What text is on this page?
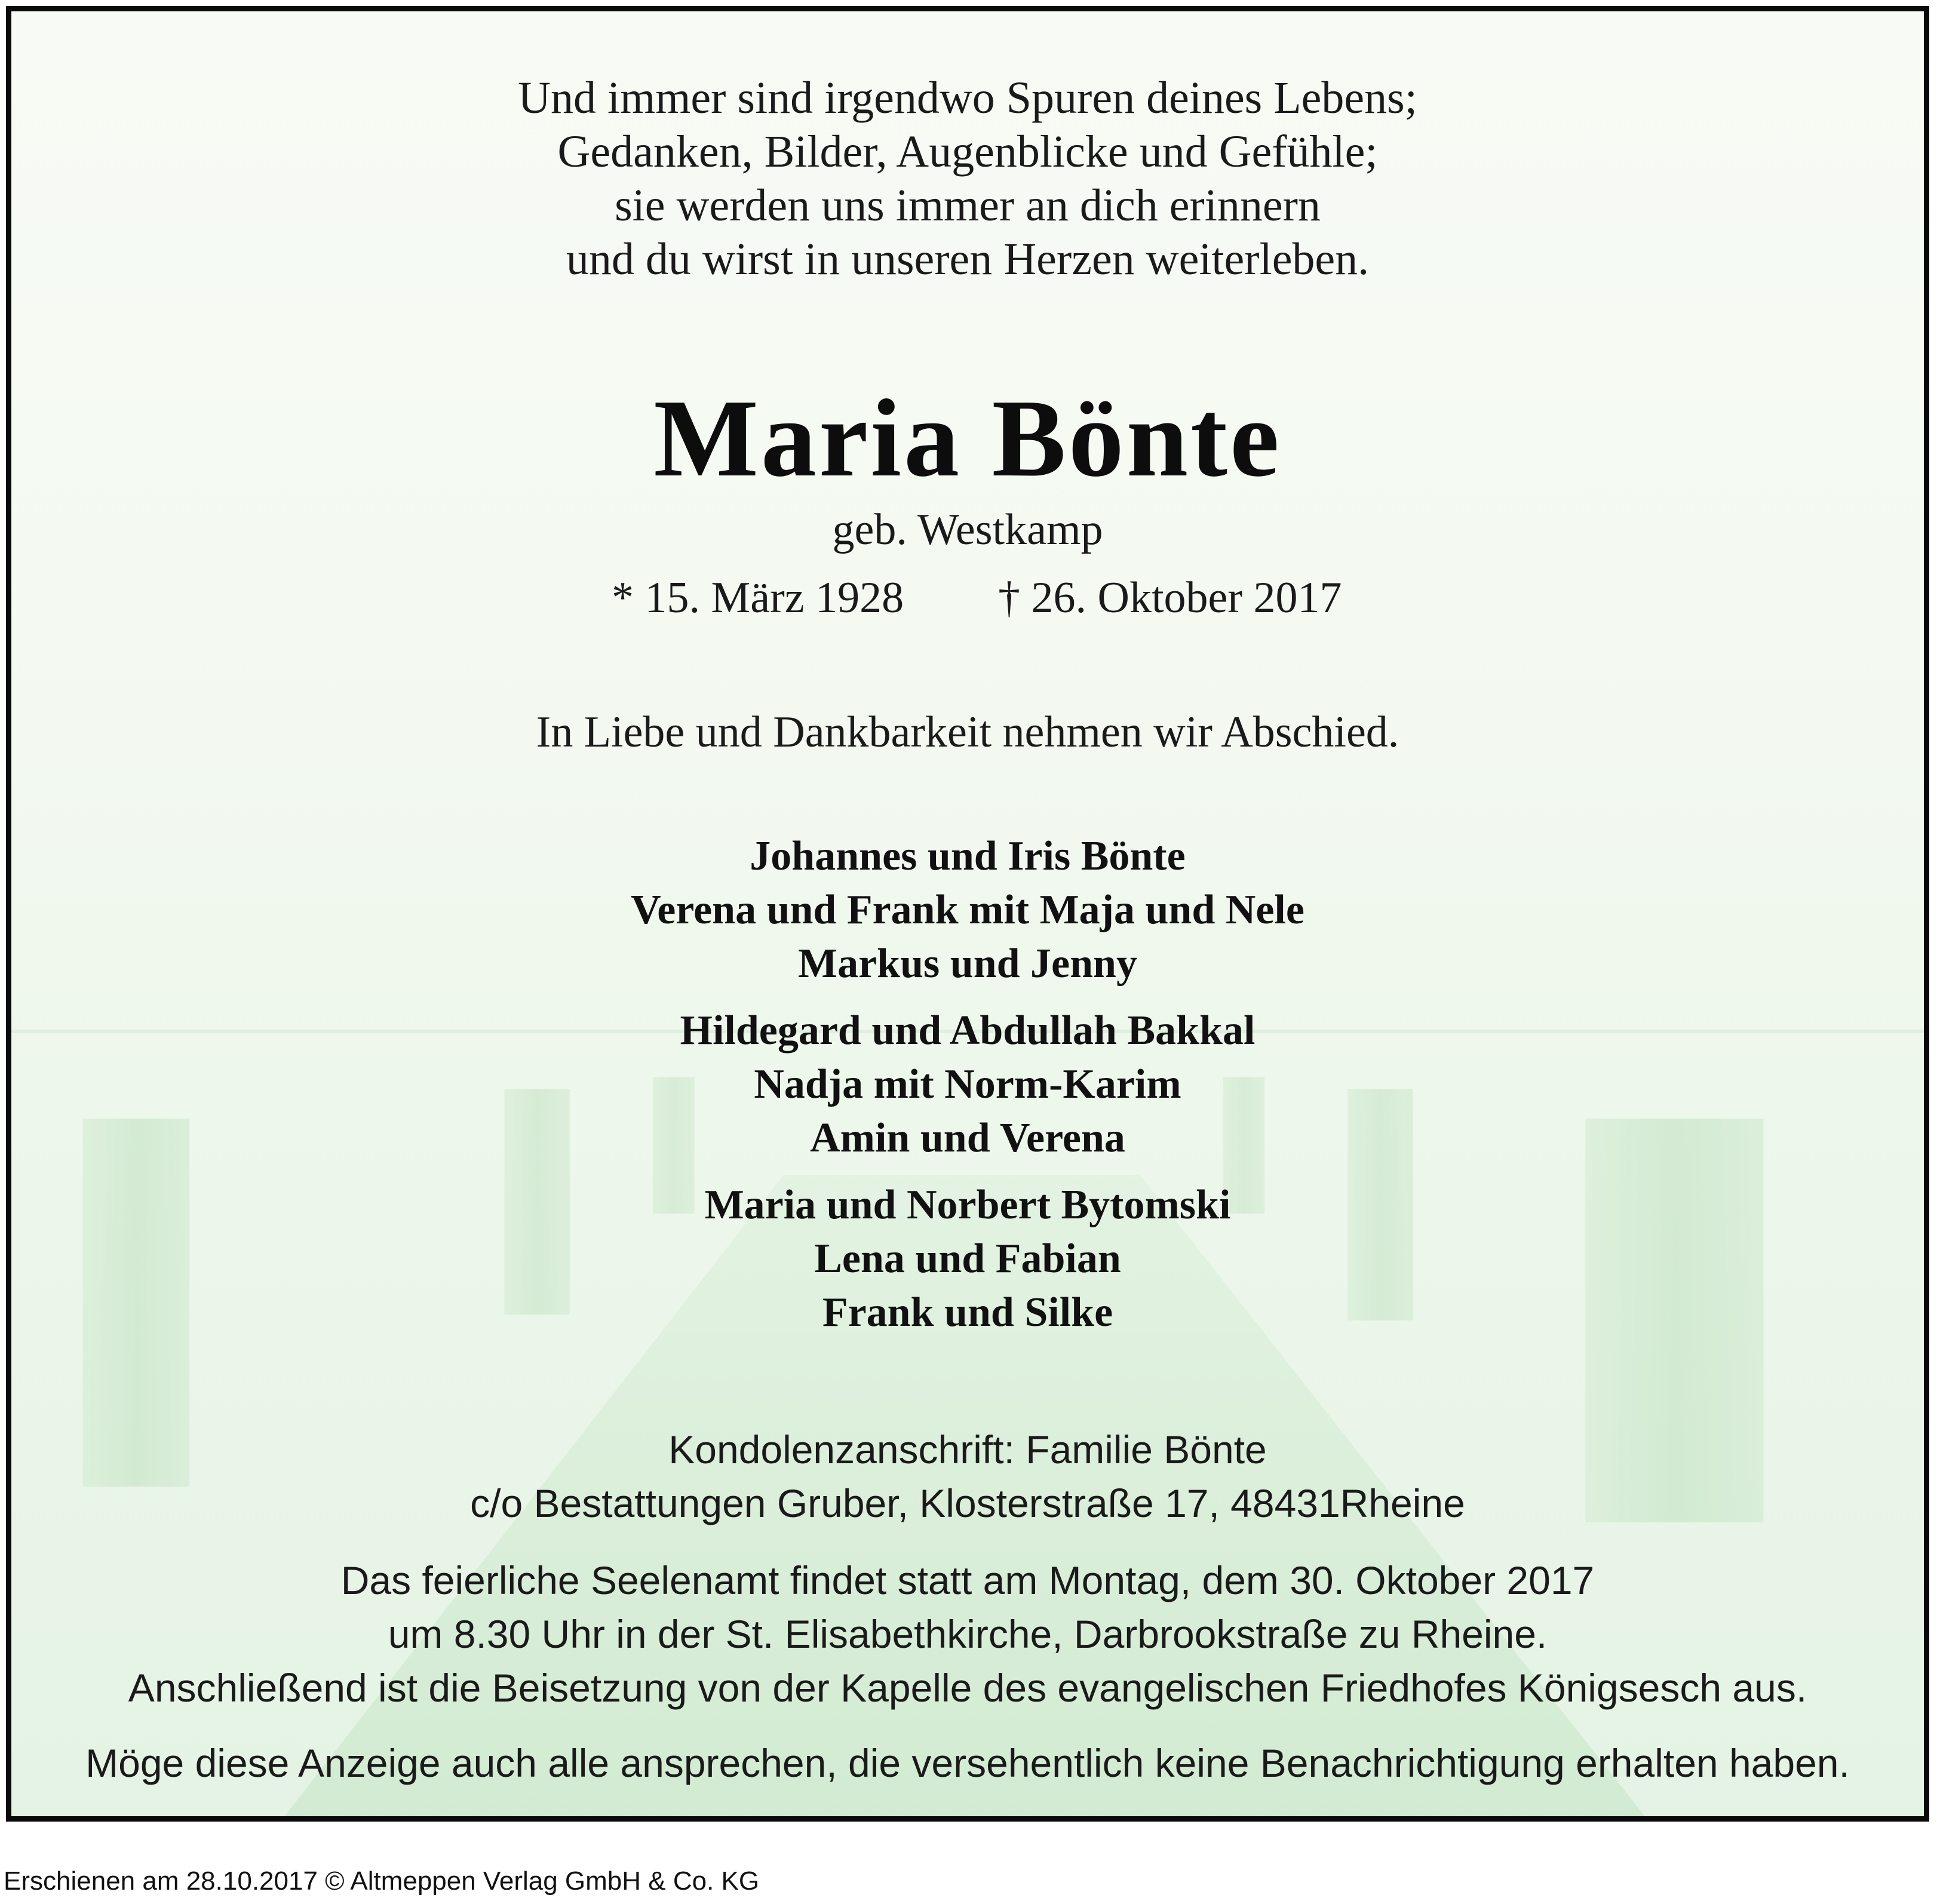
Und immer sind irgendwo Spuren deines Lebens;
Gedanken, Bilder, Augenblicke und Gefühle;
sie werden uns immer an dich erinnern
und du wirst in unseren Herzen weiterleben.
Maria Bönte
geb. Westkamp
* 15. März 1928 † 26. Oktober 2017
In Liebe und Dankbarkeit nehmen wir Abschied.
Johannes und Iris Bönte
Verena und Frank mit Maja und Nele
Markus und Jenny
Hildegard und Abdullah Bakkal
Nadja mit Norm-Karim
Amin und Verena
Maria und Norbert Bytomski
Lena und Fabian
Frank und Silke
Kondolenzanschrift: Familie Bönte
c/o Bestattungen Gruber, Klosterstraße 17, 48431Rheine
Das feierliche Seelenamt findet statt am Montag, dem 30. Oktober 2017
um 8.30 Uhr in der St. Elisabethkirche, Darbrookstraße zu Rheine.
Anschließend ist die Beisetzung von der Kapelle des evangelischen Friedhofes Königsesch aus.
Möge diese Anzeige auch alle ansprechen, die versehentlich keine Benachrichtigung erhalten haben.
Erschienen am 28.10.2017 © Altmeppen Verlag GmbH & Co. KG
